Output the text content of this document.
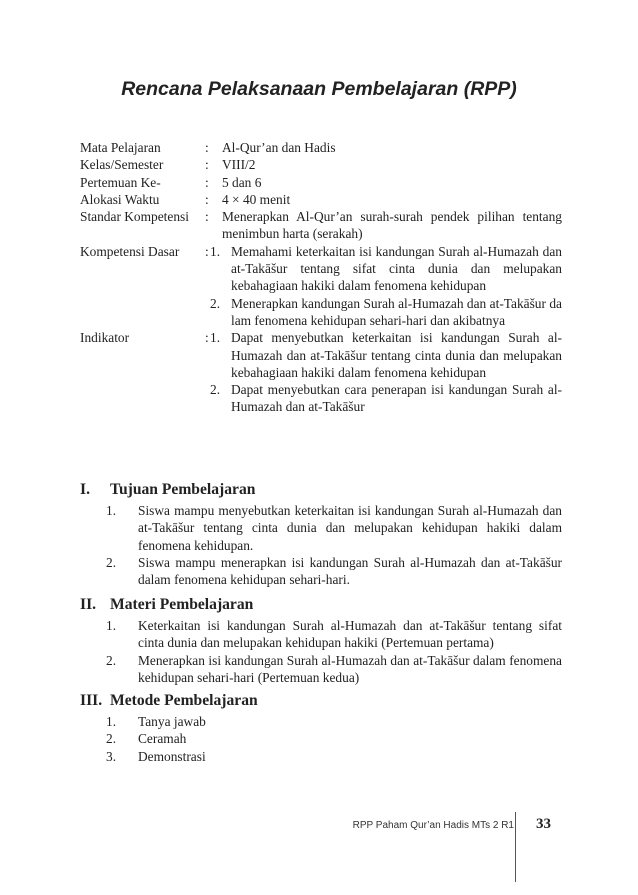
Rencana Pelaksanaan Pembelajaran (RPP)
Mata Pelajaran	: Al-Qur’an dan Hadis
Kelas/Semester	: VIII/2
Pertemuan Ke-	: 5 dan 6
Alokasi Waktu	: 4 × 40 menit
Standar Kompetensi	: Menerapkan Al-Qur’an surah-surah pendek pilihan tentang menimbun harta (serakah)
Kompetensi Dasar	: 1. Memahami keterkaitan isi kandungan Surah al-Humazah dan at-Takāšur tentang sifat cinta dunia dan melupakan kebahagiaan hakiki dalam fenomena kehidupan
2. Menerapkan kandungan Surah al-Humazah dan at-Takāšur da lam fenomena kehidupan sehari-hari dan akibatnya
Indikator	: 1. Dapat menyebutkan keterkaitan isi kandungan Surah al-Humazah dan at-Takāšur tentang cinta dunia dan melupakan kebahagiaan hakiki dalam fenomena kehidupan
2. Dapat menyebutkan cara penerapan isi kandungan Surah al-Humazah dan at-Takāšur
I.	Tujuan Pembelajaran
1.	Siswa mampu menyebutkan keterkaitan isi kandungan Surah al-Humazah dan at-Takāšur tentang cinta dunia dan melupakan kehidupan hakiki dalam fenomena kehidupan.
2.	Siswa mampu menerapkan isi kandungan Surah al-Humazah dan at-Takāšur dalam fenomena kehidupan sehari-hari.
II. Materi Pembelajaran
1.	Keterkaitan isi kandungan Surah al-Humazah dan at-Takāšur tentang sifat cinta dunia dan melupakan kehidupan hakiki (Pertemuan pertama)
2.	Menerapkan isi kandungan Surah al-Humazah dan at-Takāšur dalam fenomena kehidupan sehari-hari (Pertemuan kedua)
III. Metode Pembelajaran
1.	Tanya jawab
2.	Ceramah
3.	Demonstrasi
RPP Paham Qur’an Hadis MTs 2 R1 33
